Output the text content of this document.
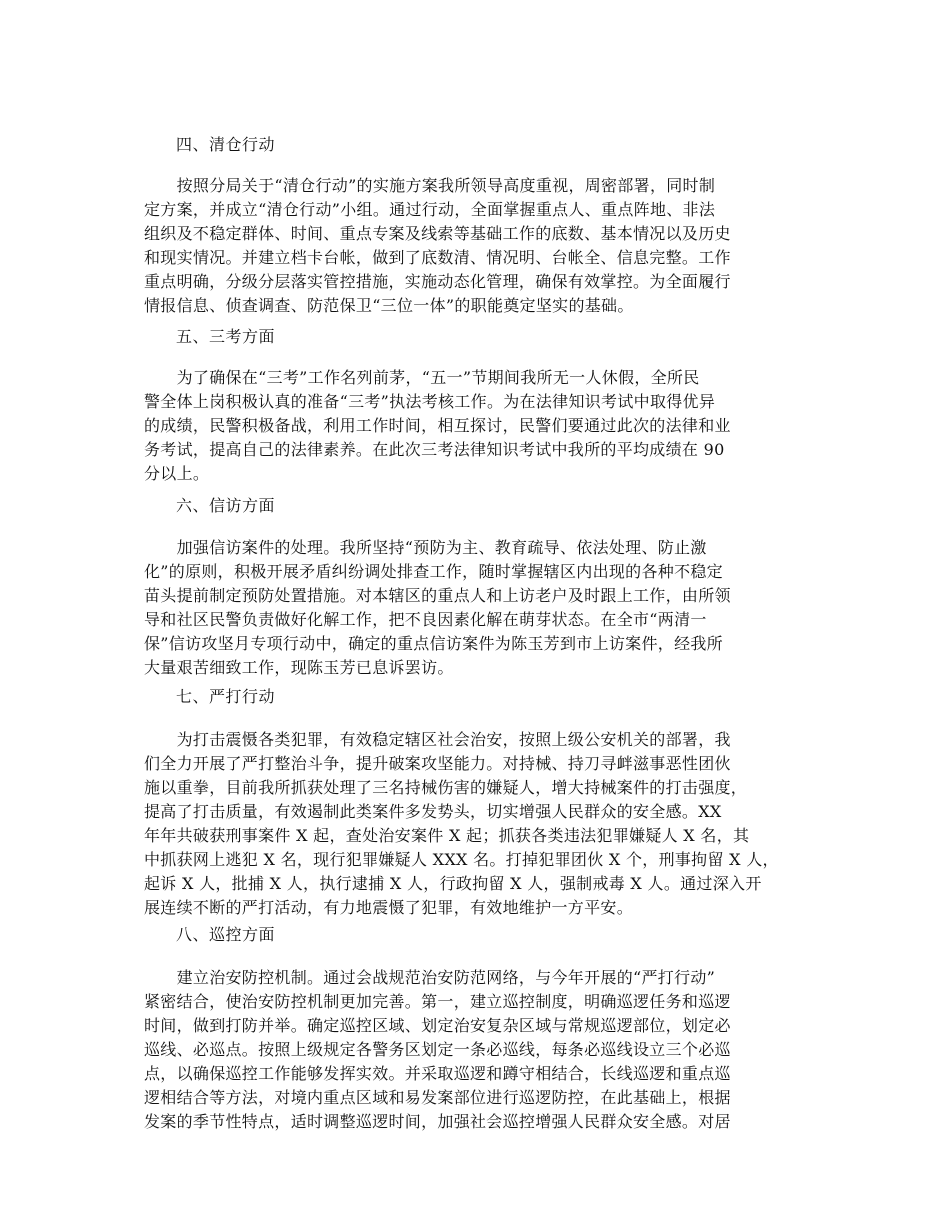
四、清仓行动
　　按照分局关于“清仓行动”的实施方案我所领导高度重视，周密部署，同时制
定方案，并成立“清仓行动”小组。通过行动，全面掌握重点人、重点阵地、非法
组织及不稳定群体、时间、重点专案及线索等基础工作的底数、基本情况以及历史
和现实情况。并建立档卡台帐，做到了底数清、情况明、台帐全、信息完整。工作
重点明确，分级分层落实管控措施，实施动态化管理，确保有效掌控。为全面履行
情报信息、侦查调查、防范保卫“三位一体”的职能奠定坚实的基础。
五、三考方面
　　为了确保在“三考”工作名列前茅，“五一”节期间我所无一人休假，全所民
警全体上岗积极认真的准备“三考”执法考核工作。为在法律知识考试中取得优异
的成绩，民警积极备战，利用工作时间，相互探讨，民警们要通过此次的法律和业
务考试，提高自己的法律素养。在此次三考法律知识考试中我所的平均成绩在 90
分以上。
六、信访方面
　　加强信访案件的处理。我所坚持“预防为主、教育疏导、依法处理、防止激
化”的原则，积极开展矛盾纠纷调处排查工作，随时掌握辖区内出现的各种不稳定
苗头提前制定预防处置措施。对本辖区的重点人和上访老户及时跟上工作，由所领
导和社区民警负责做好化解工作，把不良因素化解在萌芽状态。在全市“两清一
保”信访攻坚月专项行动中，确定的重点信访案件为陈玉芳到市上访案件，经我所
大量艰苦细致工作，现陈玉芳已息诉罢访。
七、严打行动
　　为打击震慑各类犯罪，有效稳定辖区社会治安，按照上级公安机关的部署，我
们全力开展了严打整治斗争，提升破案攻坚能力。对持械、持刀寻衅滋事恶性团伙
施以重拳，目前我所抓获处理了三名持械伤害的嫌疑人，增大持械案件的打击强度，
提高了打击质量，有效遏制此类案件多发势头，切实增强人民群众的安全感。XX
年年共破获刑事案件 X 起，查处治安案件 X 起；抓获各类违法犯罪嫌疑人 X 名，其
中抓获网上逃犯 X 名，现行犯罪嫌疑人 XXX 名。打掉犯罪团伙 X 个，刑事拘留 X 人，
起诉 X 人，批捕 X 人，执行逮捕 X 人，行政拘留 X 人，强制戒毒 X 人。通过深入开
展连续不断的严打活动，有力地震慑了犯罪，有效地维护一方平安。
八、巡控方面
　　建立治安防控机制。通过会战规范治安防范网络，与今年开展的“严打行动”
紧密结合，使治安防控机制更加完善。第一，建立巡控制度，明确巡逻任务和巡逻
时间，做到打防并举。确定巡控区域、划定治安复杂区域与常规巡逻部位，划定必
巡线、必巡点。按照上级规定各警务区划定一条必巡线，每条必巡线设立三个必巡
点，以确保巡控工作能够发挥实效。并采取巡逻和蹲守相结合，长线巡逻和重点巡
逻相结合等方法，对境内重点区域和易发案部位进行巡逻防控，在此基础上，根据
发案的季节性特点，适时调整巡逻时间，加强社会巡控增强人民群众安全感。对居
